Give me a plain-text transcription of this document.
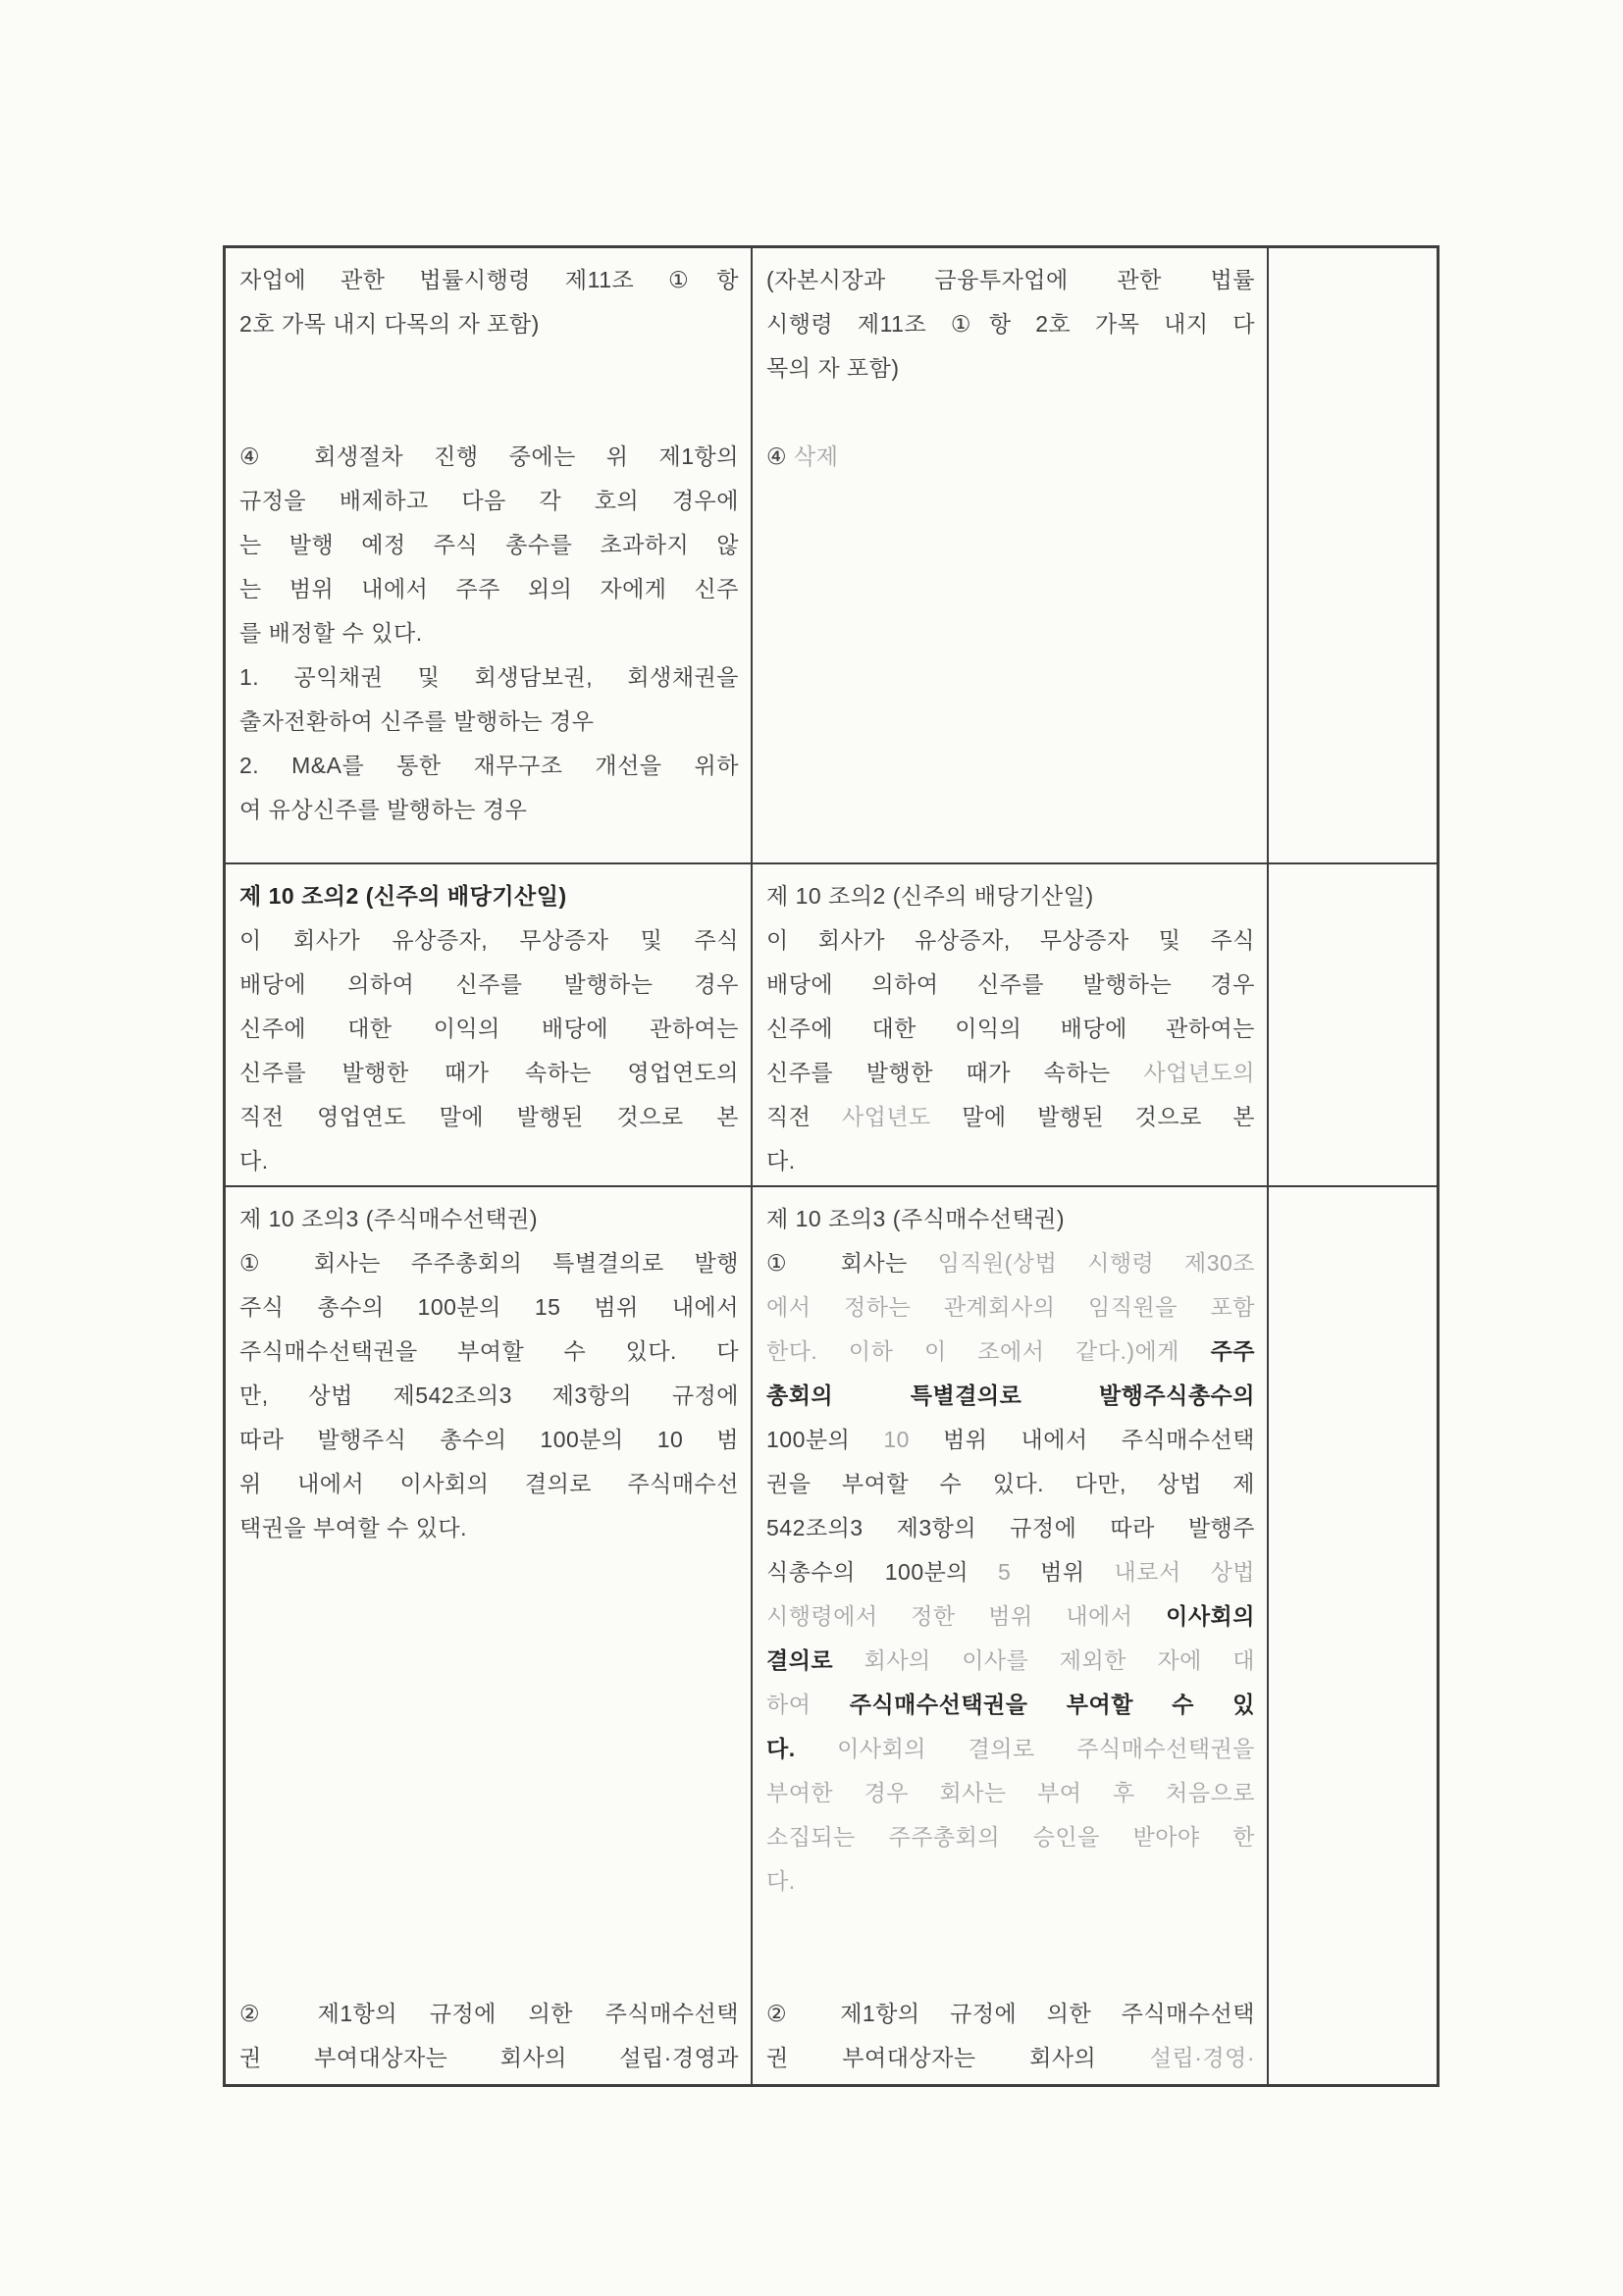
자업에 관한 법률시행령 제11조 ①항
2호 가목 내지 다목의 자 포함)

④ 회생절차 진행 중에는 위 제1항의
규정을 배제하고 다음 각 호의 경우에
는 발행 예정 주식 총수를 초과하지 않
는 범위 내에서 주주 외의 자에게 신주
를 배정할 수 있다.
1. 공익채권 및 회생담보권, 회생채권을
출자전환하여 신주를 발행하는 경우
2. M&A를 통한 재무구조 개선을 위하
여 유상신주를 발행하는 경우
(자본시장과 금융투자업에 관한 법률
시행령 제11조 ①항 2호 가목 내지 다
목의 자 포함)

④ 삭제
제 10 조의2 (신주의 배당기산일)
이 회사가 유상증자, 무상증자 및 주식
배당에 의하여 신주를 발행하는 경우
신주에 대한 이익의 배당에 관하여는
신주를 발행한 때가 속하는 영업연도의
직전 영업연도 말에 발행된 것으로 본
다.
제 10 조의2 (신주의 배당기산일)
이 회사가 유상증자, 무상증자 및 주식
배당에 의하여 신주를 발행하는 경우
신주에 대한 이익의 배당에 관하여는
신주를 발행한 때가 속하는 사업년도의
직전 사업년도 말에 발행된 것으로 본
다.
제 10 조의3 (주식매수선택권)
① 회사는 주주총회의 특별결의로 발행
주식 총수의 100분의 15 범위 내에서
주식매수선택권을 부여할 수 있다. 다
만, 상법 제542조의3 제3항의 규정에
따라 발행주식 총수의 100분의 10 범
위 내에서 이사회의 결의로 주식매수선
택권을 부여할 수 있다.

② 제1항의 규정에 의한 주식매수선택
권 부여대상자는 회사의 설립·경영과
제 10 조의3 (주식매수선택권)
① 회사는 임직원(상법 시행령 제30조
에서 정하는 관계회사의 임직원을 포함
한다. 이하 이 조에서 같다.)에게 주주
총회의 특별결의로 발행주식총수의
100분의 10 범위 내에서 주식매수선택
권을 부여할 수 있다. 다만, 상법 제
542조의3 제3항의 규정에 따라 발행주
식총수의 100분의 5 범위 내로서 상법
시행령에서 정한 범위 내에서 이사회의
결의로 회사의 이사를 제외한 자에 대
하여 주식매수선택권을 부여할 수 있
다. 이사회의 결의로 주식매수선택권을
부여한 경우 회사는 부여 후 처음으로
소집되는 주주총회의 승인을 받아야 한
다.

② 제1항의 규정에 의한 주식매수선택
권 부여대상자는 회사의 설립·경영·
